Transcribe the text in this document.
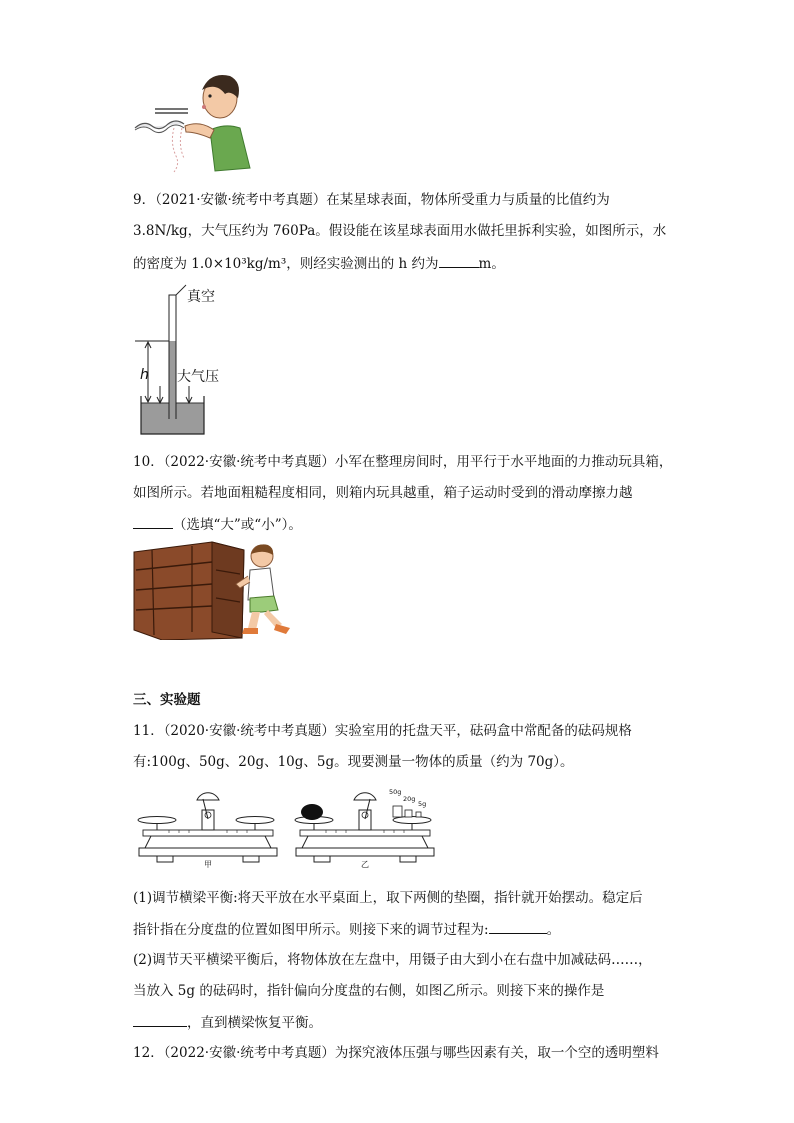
9．（2021·安徽·统考中考真题）在某星球表面，物体所受重力与质量的比值约为
3.8N/kg，大气压约为 760Pa。假设能在该星球表面用水做托里拆利实验，如图所示，水
的密度为 1.0×10³kg/m³，则经实验测出的 h 约为	m。
真空
h 大气压
10．（2022·安徽·统考中考真题）小军在整理房间时，用平行于水平地面的力推动玩具箱，
如图所示。若地面粗糙程度相同，则箱内玩具越重，箱子运动时受到的滑动摩擦力越
（选填“大”或“小”）。
三、实验题
11．（2020·安徽·统考中考真题）实验室用的托盘天平，砝码盒中常配备的砝码规格
有:100g、50g、20g、10g、5g。现要测量一物体的质量（约为 70g）。
甲
50g
20g
5g
乙
(1)调节横梁平衡:将天平放在水平桌面上，取下两侧的垫圈，指针就开始摆动。稳定后
指针指在分度盘的位置如图甲所示。则接下来的调节过程为:	。
(2)调节天平横梁平衡后，将物体放在左盘中，用镊子由大到小在右盘中加减砝码……，
当放入 5g 的砝码时，指针偏向分度盘的右侧，如图乙所示。则接下来的操作是
，直到横梁恢复平衡。
12．（2022·安徽·统考中考真题）为探究液体压强与哪些因素有关，取一个空的透明塑料
